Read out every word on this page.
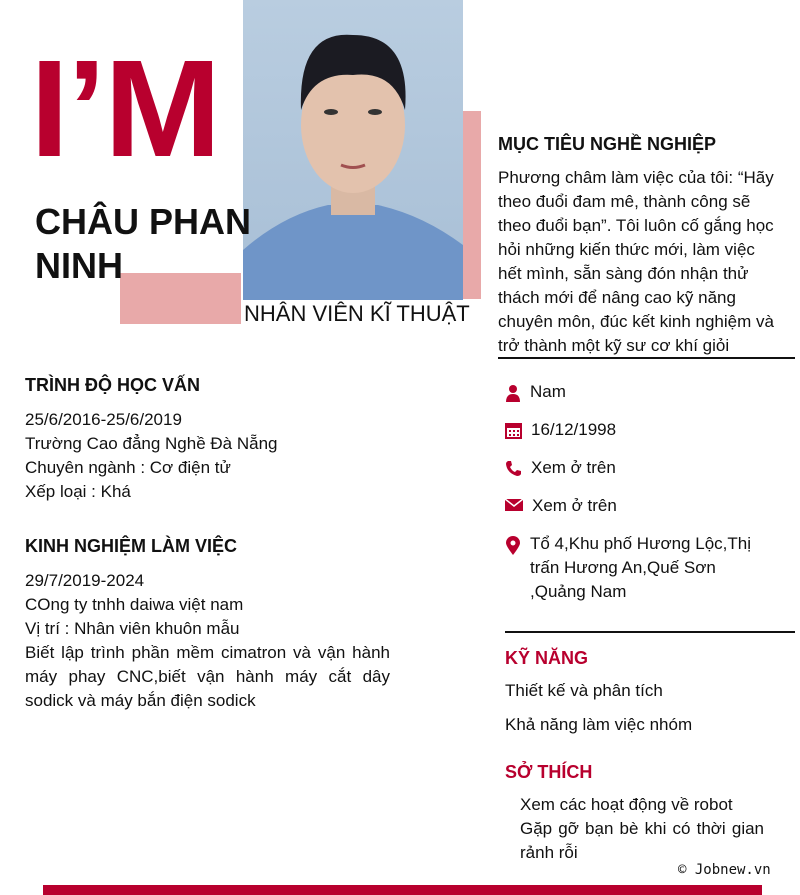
I’M
CHÂU PHAN NINH
NHÂN VIÊN KĨ THUẬT
MỤC TIÊU NGHỀ NGHIỆP
Phương châm làm việc của tôi: “Hãy theo đuổi đam mê, thành công sẽ theo đuổi bạn”. Tôi luôn cố gắng học hỏi những kiến thức mới, làm việc hết mình, sẵn sàng đón nhận thử thách mới để nâng cao kỹ năng chuyên môn, đúc kết kinh nghiệm và trở thành một kỹ sư cơ khí giỏi
Nam
16/12/1998
Xem ở trên
Xem ở trên
Tổ 4,Khu phố Hương Lộc,Thị trấn Hương An,Quế Sơn ,Quảng Nam
KỸ NĂNG
Thiết kế và phân tích
Khả năng làm việc nhóm
SỞ THÍCH
Xem các hoạt động về robot
Gặp gỡ bạn bè khi có thời gian rảnh rỗi
TRÌNH ĐỘ HỌC VẤN
25/6/2016-25/6/2019
Trường Cao đẳng Nghề Đà Nẵng
Chuyên ngành : Cơ điện tử
Xếp loại : Khá
KINH NGHIỆM LÀM VIỆC
29/7/2019-2024
COng ty tnhh daiwa việt nam
Vị trí : Nhân viên khuôn mẫu
Biết lập trình phần mềm cimatron và vận hành máy phay CNC,biết vận hành máy cắt dây sodick và máy bắn điện sodick
© Jobnew.vn
